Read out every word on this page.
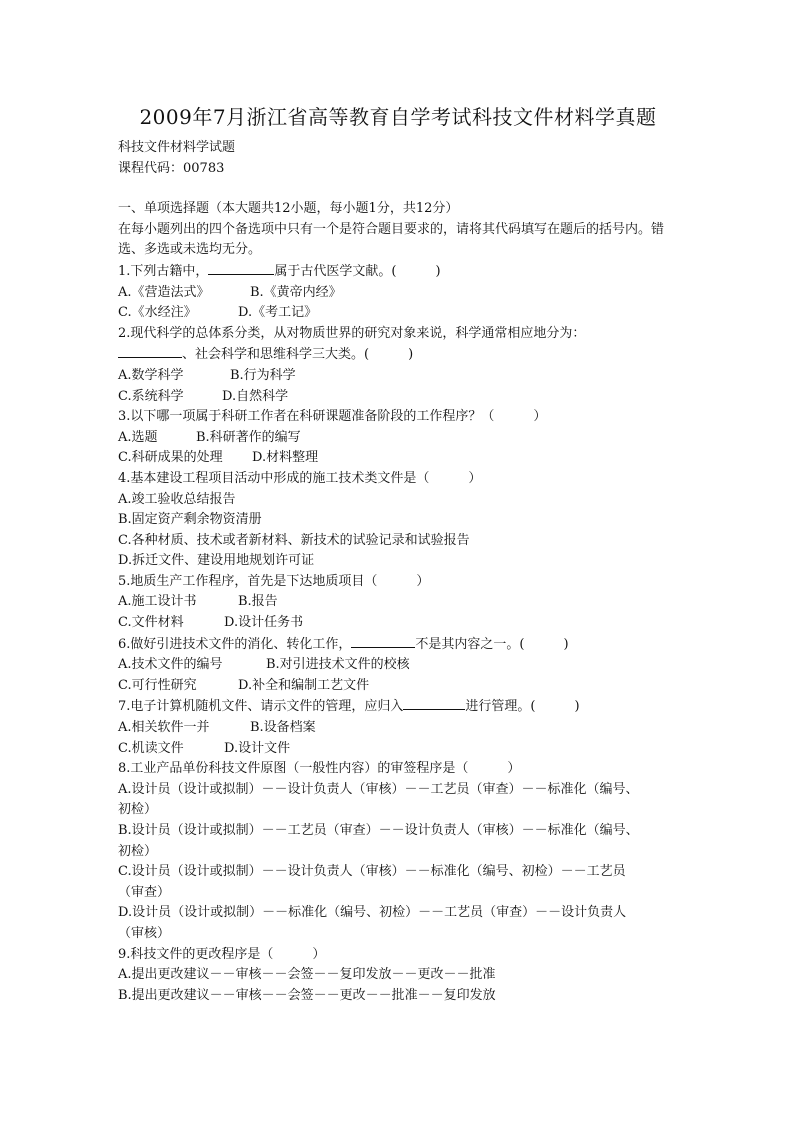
2009年7月浙江省高等教育自学考试科技文件材料学真题
科技文件材料学试题
课程代码：00783
一、单项选择题（本大题共12小题，每小题1分，共12分）
在每小题列出的四个备选项中只有一个是符合题目要求的，请将其代码填写在题后的括号内。错选、多选或未选均无分。
1.下列古籍中，	属于古代医学文献。(　　　)
A.《营造法式》	B.《黄帝内经》
C.《水经注》	D.《考工记》
2.现代科学的总体系分类，从对物质世界的研究对象来说，科学通常相应地分为：
、社会科学和思维科学三大类。(　　　)
A.数学科学	B.行为科学
C.系统科学	D.自然科学
3.以下哪一项属于科研工作者在科研课题准备阶段的工作程序？（　　　）
A.选题	B.科研著作的编写
C.科研成果的处理 D.材料整理
4.基本建设工程项目活动中形成的施工技术类文件是（　　　）
A.竣工验收总结报告
B.固定资产剩余物资清册
C.各种材质、技术或者新材料、新技术的试验记录和试验报告
D.拆迁文件、建设用地规划许可证
5.地质生产工作程序，首先是下达地质项目（　　　）
A.施工设计书	B.报告
C.文件材料	D.设计任务书
6.做好引进技术文件的消化、转化工作，	不是其内容之一。(　　　)
A.技术文件的编号	B.对引进技术文件的校核
C.可行性研究	D.补全和编制工艺文件
7.电子计算机随机文件、请示文件的管理，应归入	进行管理。(　　　)
A.相关软件一并	B.设备档案
C.机读文件	D.设计文件
8.工业产品单份科技文件原图（一般性内容）的审签程序是（　　　）
A.设计员（设计或拟制）－－设计负责人（审核）－－工艺员（审查）－－标准化（编号、
初检）
B.设计员（设计或拟制）－－工艺员（审查）－－设计负责人（审核）－－标准化（编号、
初检）
C.设计员（设计或拟制）－－设计负责人（审核）－－标准化（编号、初检）－－工艺员
（审查）
D.设计员（设计或拟制）－－标准化（编号、初检）－－工艺员（审查）－－设计负责人
（审核）
9.科技文件的更改程序是（　　　）
A.提出更改建议－－审核－－会签－－复印发放－－更改－－批准
B.提出更改建议－－审核－－会签－－更改－－批准－－复印发放
